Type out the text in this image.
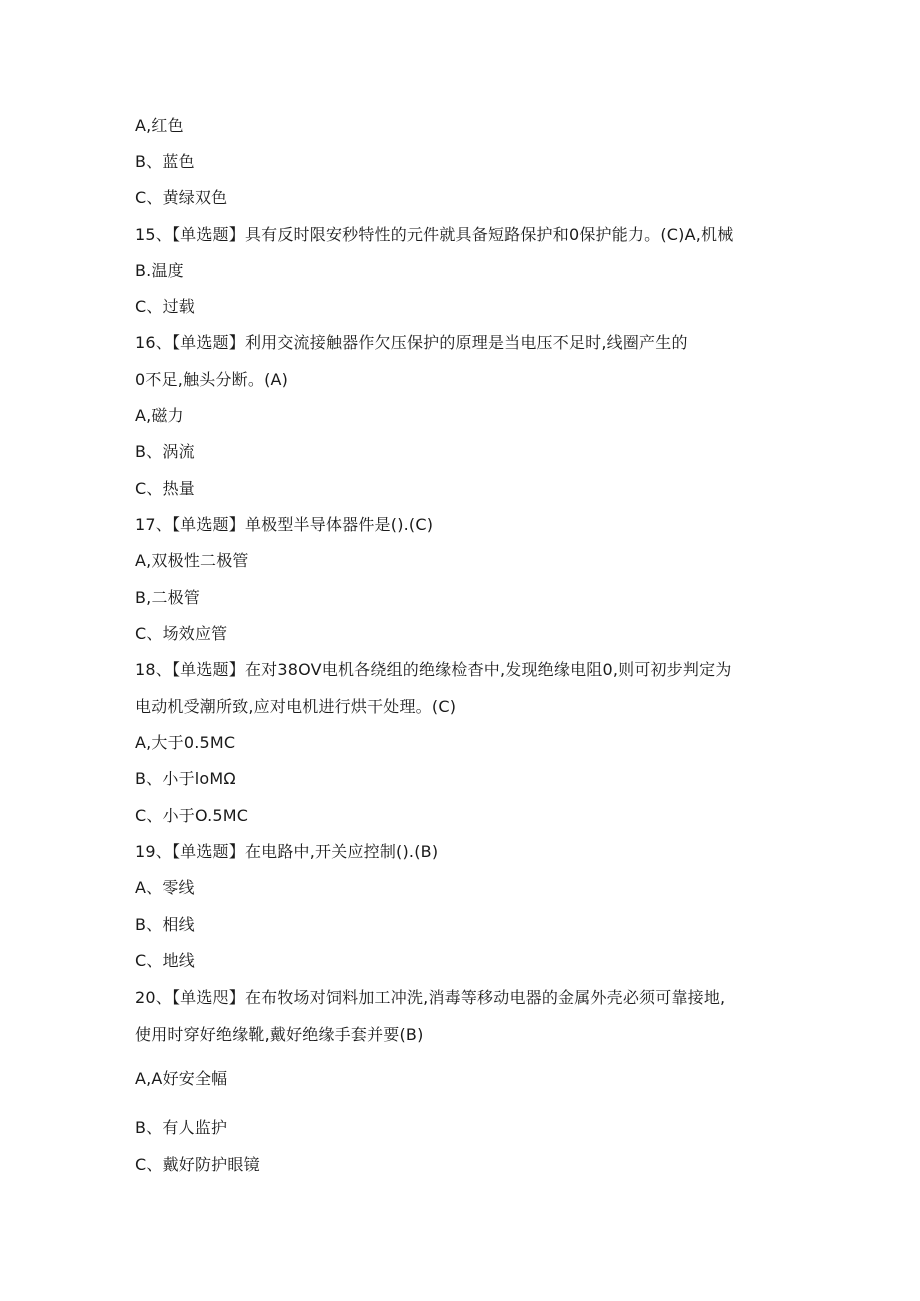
A,红色
B、蓝色
C、黄绿双色
15、【单选题】具有反时限安秒特性的元件就具备短路保护和0保护能力。(C)A,机械
B.温度
C、过载
16、【单选题】利用交流接触器作欠压保护的原理是当电压不足时,线圈产生的
0不足,触头分断。(A)
A,磁力
B、涡流
C、热量
17、【单选题】单极型半导体器件是().(C)
A,双极性二极管
B,二极管
C、场效应管
18、【单选题】在对38OV电机各绕组的绝缘检杳中,发现绝缘电阻0,则可初步判定为
电动机受潮所致,应对电机进行烘干处理。(C)
A,大于0.5MC
B、小于loMΩ
C、小于O.5MC
19、【单选题】在电路中,开关应控制().(B)
A、零线
B、相线
C、地线
20、【单选咫】在布牧场对饲料加工冲洗,消毒等移动电器的金属外壳必须可靠接地,
使用时穿好绝缘靴,戴好绝缘手套并要(B)
A,A好安全幅
B、有人监护
C、戴好防护眼镜
